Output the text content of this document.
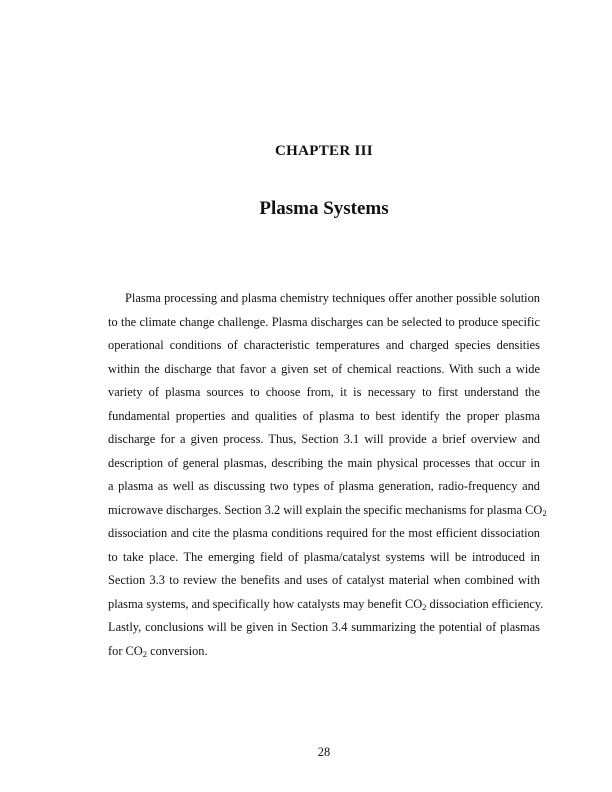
CHAPTER III
Plasma Systems
Plasma processing and plasma chemistry techniques offer another possible solution
to the climate change challenge. Plasma discharges can be selected to produce specific
operational conditions of characteristic temperatures and charged species densities
within the discharge that favor a given set of chemical reactions. With such a wide
variety of plasma sources to choose from, it is necessary to first understand the
fundamental properties and qualities of plasma to best identify the proper plasma
discharge for a given process. Thus, Section 3.1 will provide a brief overview and
description of general plasmas, describing the main physical processes that occur in
a plasma as well as discussing two types of plasma generation, radio-frequency and
microwave discharges. Section 3.2 will explain the specific mechanisms for plasma $CO_2$
dissociation and cite the plasma conditions required for the most efficient dissociation
to take place. The emerging field of plasma/catalyst systems will be introduced in
Section 3.3 to review the benefits and uses of catalyst material when combined with
plasma systems, and specifically how catalysts may benefit $CO_2$ dissociation efficiency.
Lastly, conclusions will be given in Section 3.4 summarizing the potential of plasmas
for $CO_2$ conversion.
28
